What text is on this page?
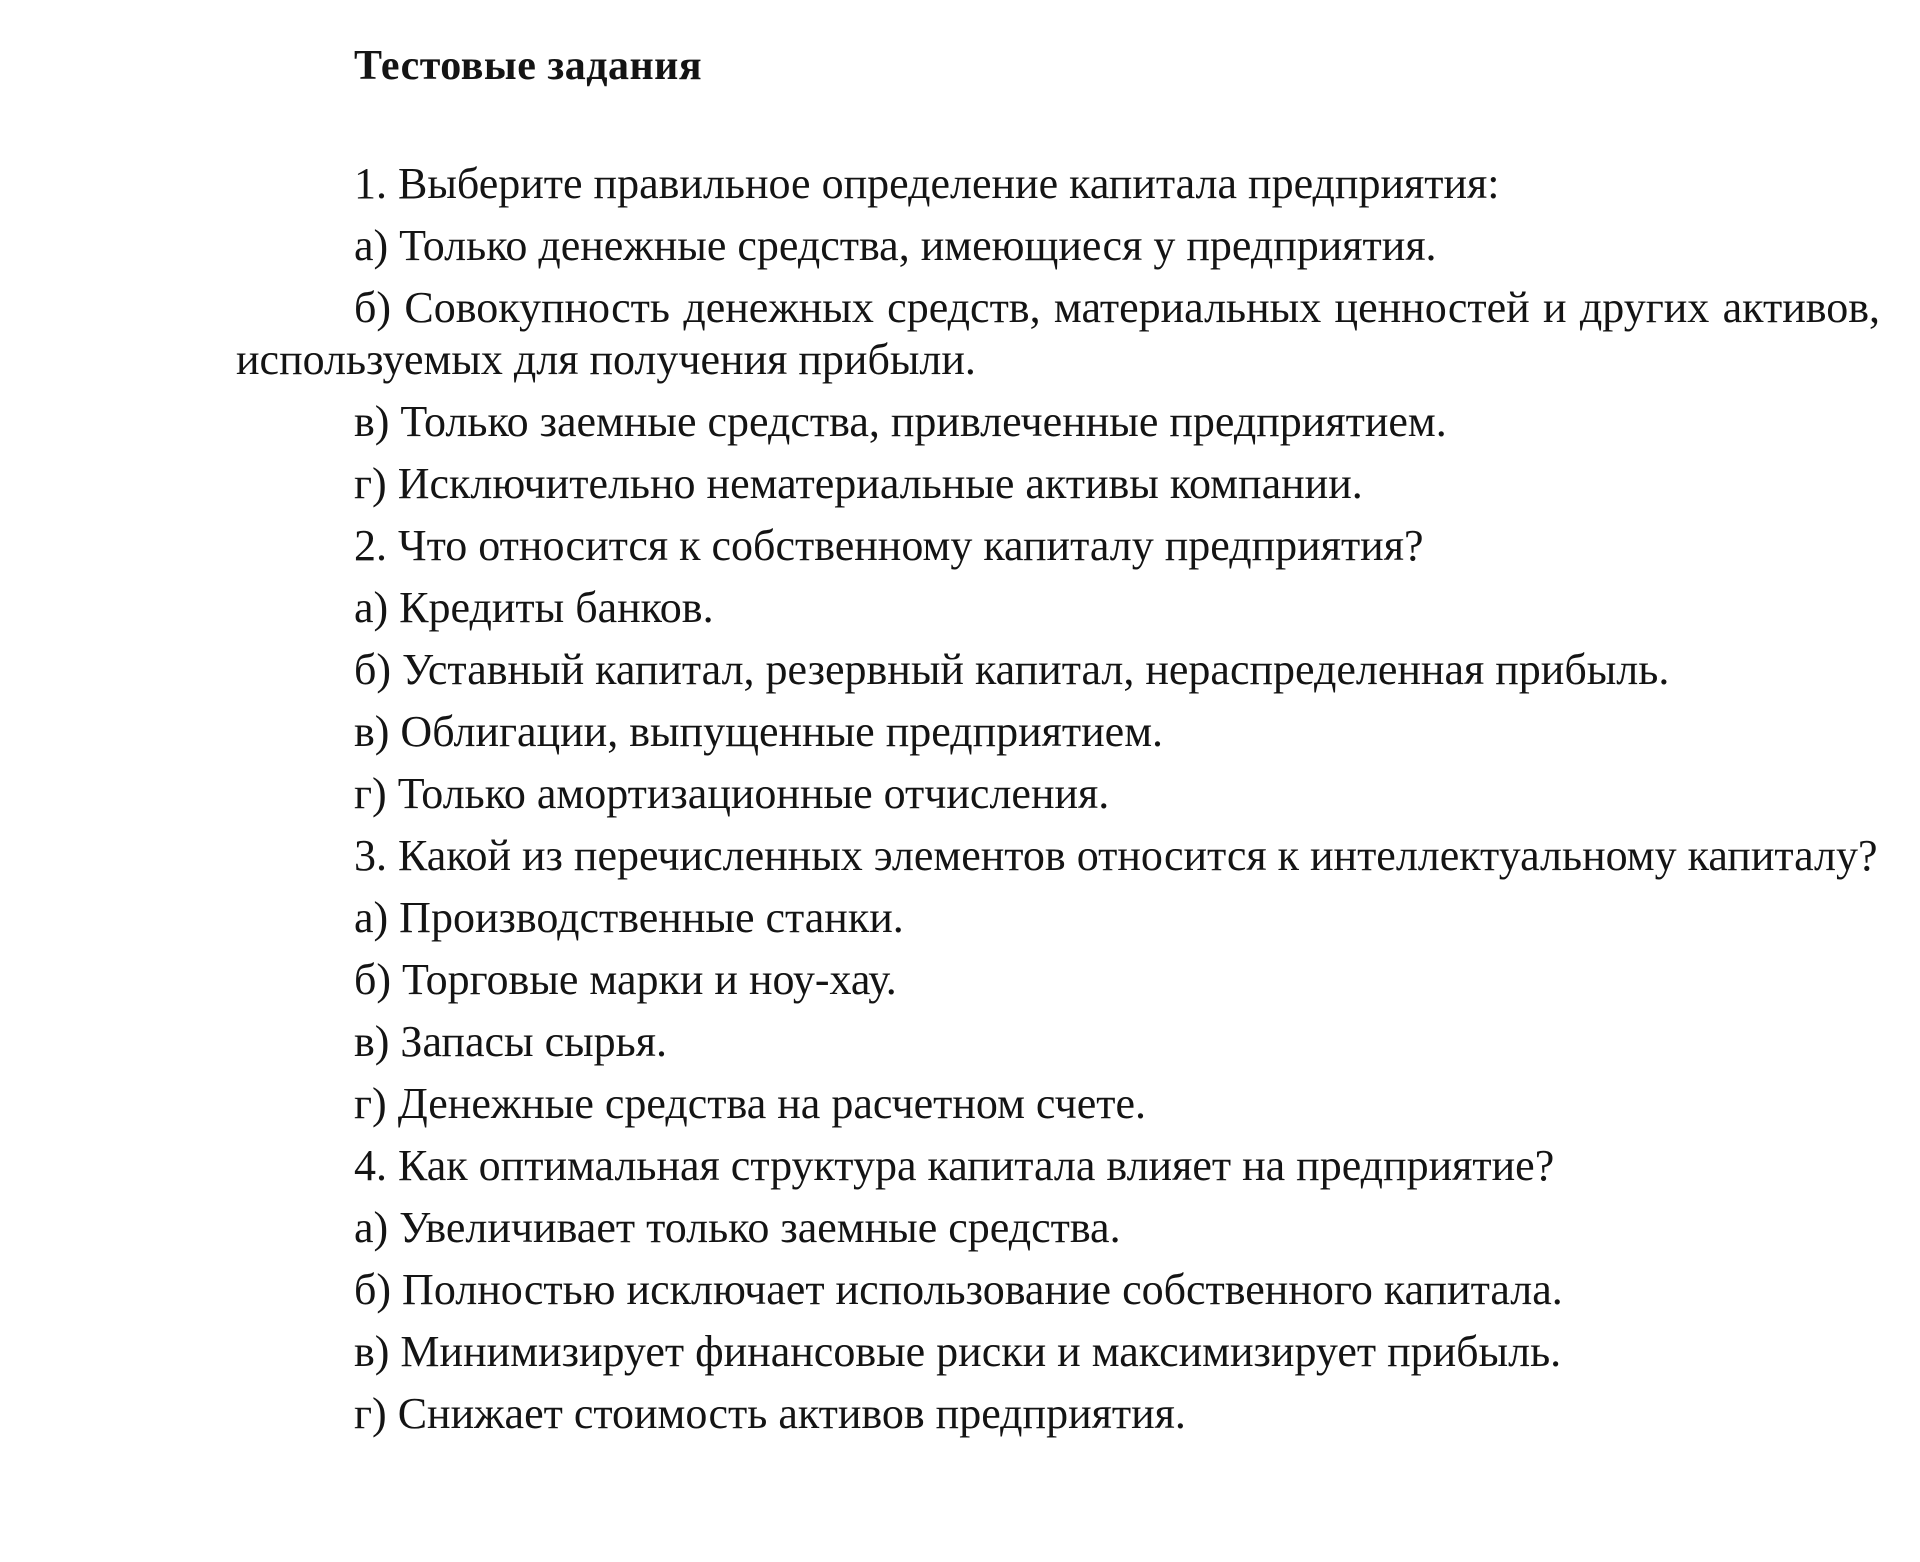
Тестовые задания

1. Выберите правильное определение капитала предприятия:

а) Только денежные средства, имеющиеся у предприятия.

б) Совокупность денежных средств, материальных ценностей и других активов, используемых для получения прибыли.

в) Только заемные средства, привлеченные предприятием.

г) Исключительно нематериальные активы компании.

2. Что относится к собственному капиталу предприятия?

а) Кредиты банков.

б) Уставный капитал, резервный капитал, нераспределенная прибыль.

в) Облигации, выпущенные предприятием.

г) Только амортизационные отчисления.

3. Какой из перечисленных элементов относится к интеллектуальному капиталу?

а) Производственные станки.

б) Торговые марки и ноу-хау.

в) Запасы сырья.

г) Денежные средства на расчетном счете.

4. Как оптимальная структура капитала влияет на предприятие?

а) Увеличивает только заемные средства.

б) Полностью исключает использование собственного капитала.

в) Минимизирует финансовые риски и максимизирует прибыль.

г) Снижает стоимость активов предприятия.
